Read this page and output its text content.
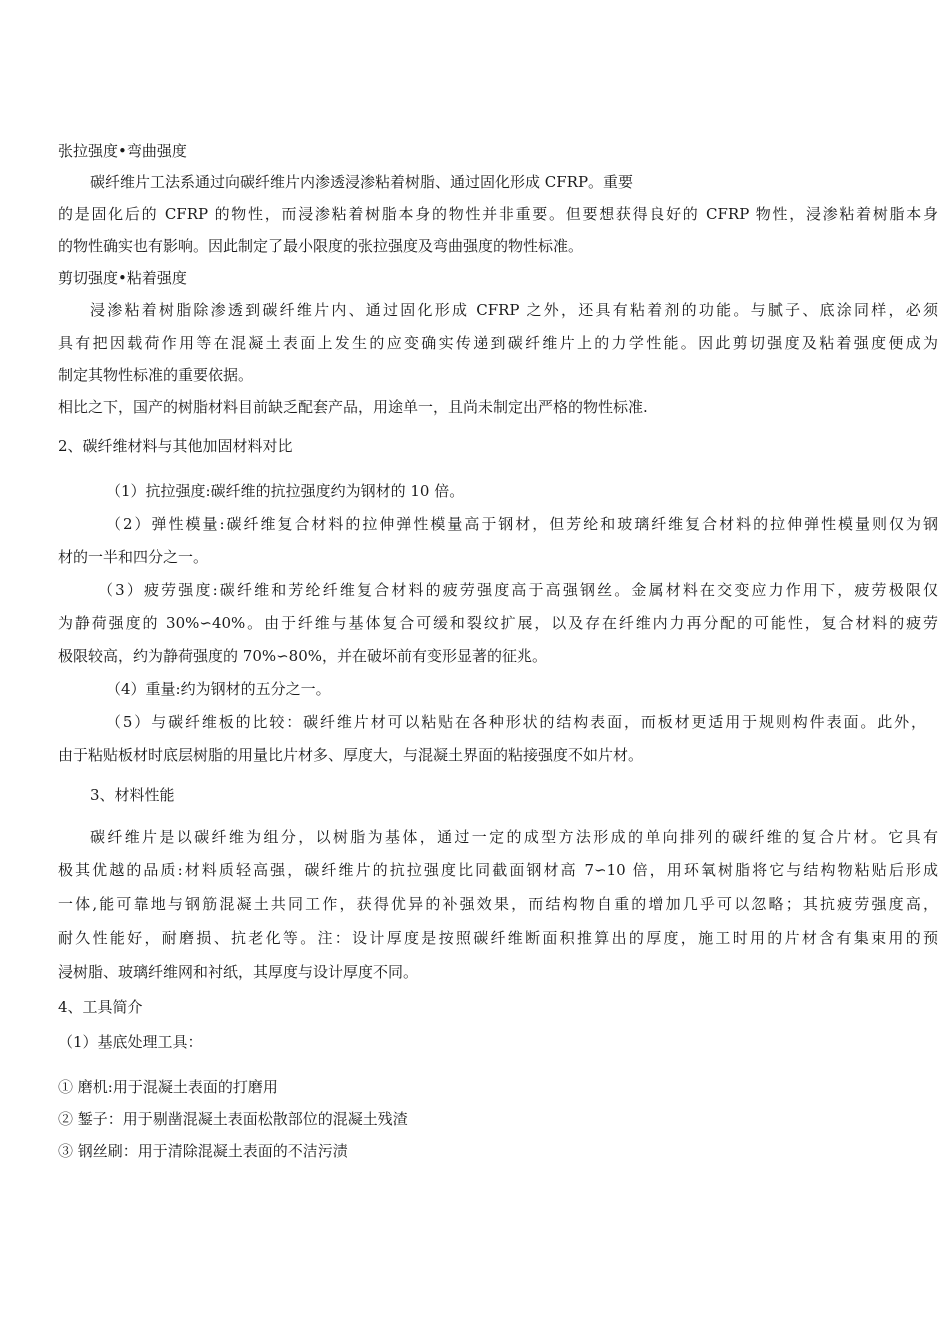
张拉强度•弯曲强度
碳纤维片工法系通过向碳纤维片内渗透浸渗粘着树脂、通过固化形成 CFRP。重要
的是固化后的 CFRP 的物性，而浸渗粘着树脂本身的物性并非重要。但要想获得良好的 CFRP 物性，浸渗粘着树脂本身
的物性确实也有影响。因此制定了最小限度的张拉强度及弯曲强度的物性标准。
剪切强度•粘着强度
浸渗粘着树脂除渗透到碳纤维片内、通过固化形成 CFRP 之外，还具有粘着剂的功能。与腻子、底涂同样，必须
具有把因载荷作用等在混凝土表面上发生的应变确实传递到碳纤维片上的力学性能。因此剪切强度及粘着强度便成为
制定其物性标准的重要依据。
相比之下，国产的树脂材料目前缺乏配套产品，用途单一，且尚未制定出严格的物性标准.
2、碳纤维材料与其他加固材料对比
（1）抗拉强度:碳纤维的抗拉强度约为钢材的 10 倍。
（2）弹性模量:碳纤维复合材料的拉伸弹性模量高于钢材，但芳纶和玻璃纤维复合材料的拉伸弹性模量则仅为钢
材的一半和四分之一。
（3）疲劳强度:碳纤维和芳纶纤维复合材料的疲劳强度高于高强钢丝。金属材料在交变应力作用下，疲劳极限仅
为静荷强度的 30%∽40%。由于纤维与基体复合可缓和裂纹扩展，以及存在纤维内力再分配的可能性，复合材料的疲劳
极限较高，约为静荷强度的 70%∽80%，并在破坏前有变形显著的征兆。
（4）重量:约为钢材的五分之一。
（5）与碳纤维板的比较：碳纤维片材可以粘贴在各种形状的结构表面，而板材更适用于规则构件表面。此外，
由于粘贴板材时底层树脂的用量比片材多、厚度大，与混凝土界面的粘接强度不如片材。
3、材料性能
碳纤维片是以碳纤维为组分，以树脂为基体，通过一定的成型方法形成的单向排列的碳纤维的复合片材。它具有
极其优越的品质:材料质轻高强，碳纤维片的抗拉强度比同截面钢材高 7∽10 倍，用环氧树脂将它与结构物粘贴后形成
一体,能可靠地与钢筋混凝土共同工作，获得优异的补强效果，而结构物自重的增加几乎可以忽略；其抗疲劳强度高，
耐久性能好，耐磨损、抗老化等。注：设计厚度是按照碳纤维断面积推算出的厚度，施工时用的片材含有集束用的预
浸树脂、玻璃纤维网和衬纸，其厚度与设计厚度不同。
4、工具简介
（1）基底处理工具：
① 磨机:用于混凝土表面的打磨用
② 錾子：用于剔凿混凝土表面松散部位的混凝土残渣
③ 钢丝刷：用于清除混凝土表面的不洁污渍
